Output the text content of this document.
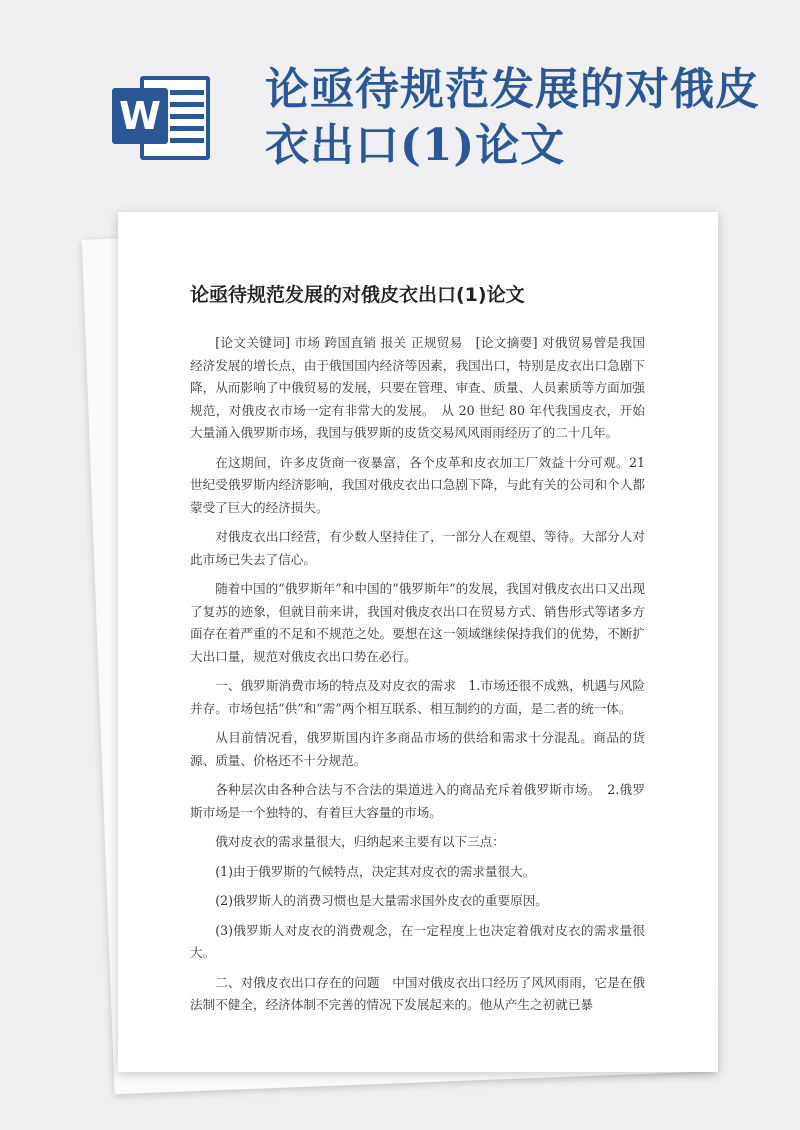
W
论亟待规范发展的对俄皮衣出口(1)论文
论亟待规范发展的对俄皮衣出口(1)论文

[论文关键词] 市场 跨国直销 报关 正规贸易　[论文摘要] 对俄贸易曾是我国经济发展的增长点，由于俄国国内经济等因素，我国出口，特别是皮衣出口急剧下降，从而影响了中俄贸易的发展，只要在管理、审查、质量、人员素质等方面加强规范，对俄皮衣市场一定有非常大的发展。　从 20 世纪 80 年代我国皮衣，开始大量涌入俄罗斯市场，我国与俄罗斯的皮货交易风风雨雨经历了的二十几年。

在这期间，许多皮货商一夜暴富，各个皮革和皮衣加工厂效益十分可观。21 世纪受俄罗斯内经济影响，我国对俄皮衣出口急剧下降，与此有关的公司和个人都蒙受了巨大的经济损失。

对俄皮衣出口经营，有少数人坚持住了，一部分人在观望、等待。大部分人对此市场已失去了信心。

随着中国的“俄罗斯年”和中国的“俄罗斯年”的发展，我国对俄皮衣出口又出现了复苏的迹象，但就目前来讲，我国对俄皮衣出口在贸易方式、销售形式等诸多方面存在着严重的不足和不规范之处。要想在这一领域继续保持我们的优势，不断扩大出口量，规范对俄皮衣出口势在必行。

一、俄罗斯消费市场的特点及对皮衣的需求　1.市场还很不成熟，机遇与风险并存。市场包括“供”和“需”两个相互联系、相互制约的方面，是二者的统一体。

从目前情况看，俄罗斯国内许多商品市场的供给和需求十分混乱。商品的货源、质量、价格还不十分规范。

各种层次由各种合法与不合法的渠道进入的商品充斥着俄罗斯市场。　2.俄罗斯市场是一个独特的、有着巨大容量的市场。

俄对皮衣的需求量很大，归纳起来主要有以下三点：

(1)由于俄罗斯的气候特点，决定其对皮衣的需求量很大。

(2)俄罗斯人的消费习惯也是大量需求国外皮衣的重要原因。

(3)俄罗斯人对皮衣的消费观念，在一定程度上也决定着俄对皮衣的需求量很大。

二、对俄皮衣出口存在的问题　中国对俄皮衣出口经历了风风雨雨，它是在俄法制不健全，经济体制不完善的情况下发展起来的。他从产生之初就已暴
